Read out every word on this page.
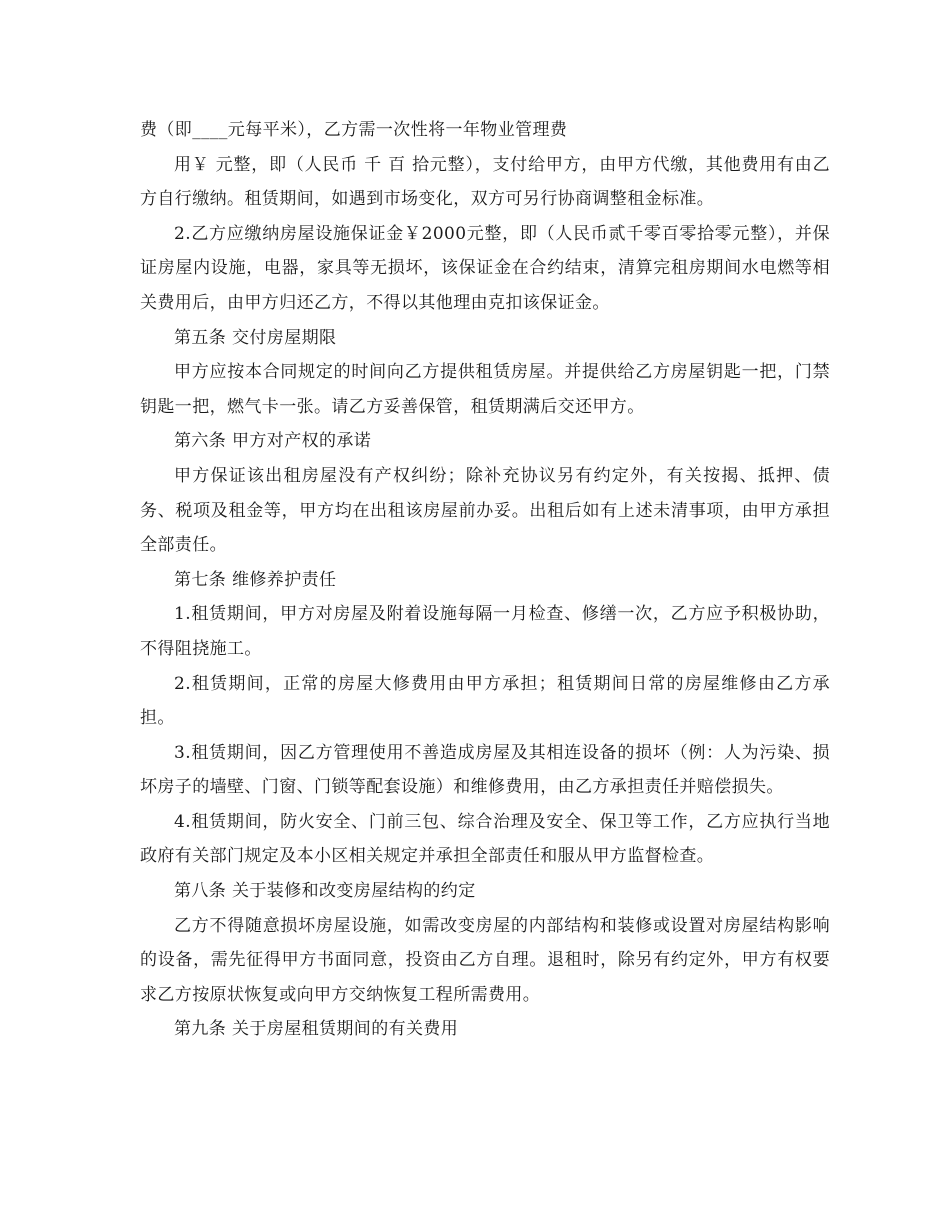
费（即____元每平米），乙方需一次性将一年物业管理费

用￥ 元整，即（人民币 千 百 拾元整），支付给甲方，由甲方代缴，其他费用有由乙方自行缴纳。租赁期间，如遇到市场变化，双方可另行协商调整租金标准。

2.乙方应缴纳房屋设施保证金￥2000元整，即（人民币贰千零百零拾零元整），并保证房屋内设施，电器，家具等无损坏，该保证金在合约结束，清算完租房期间水电燃等相关费用后，由甲方归还乙方，不得以其他理由克扣该保证金。

第五条 交付房屋期限

甲方应按本合同规定的时间向乙方提供租赁房屋。并提供给乙方房屋钥匙一把，门禁钥匙一把，燃气卡一张。请乙方妥善保管，租赁期满后交还甲方。

第六条 甲方对产权的承诺

甲方保证该出租房屋没有产权纠纷；除补充协议另有约定外，有关按揭、抵押、债务、税项及租金等，甲方均在出租该房屋前办妥。出租后如有上述未清事项，由甲方承担全部责任。

第七条 维修养护责任

1.租赁期间，甲方对房屋及附着设施每隔一月检查、修缮一次，乙方应予积极协助，不得阻挠施工。

2.租赁期间，正常的房屋大修费用由甲方承担；租赁期间日常的房屋维修由乙方承担。

3.租赁期间，因乙方管理使用不善造成房屋及其相连设备的损坏（例：人为污染、损坏房子的墙壁、门窗、门锁等配套设施）和维修费用，由乙方承担责任并赔偿损失。

4.租赁期间，防火安全、门前三包、综合治理及安全、保卫等工作，乙方应执行当地政府有关部门规定及本小区相关规定并承担全部责任和服从甲方监督检查。

第八条 关于装修和改变房屋结构的约定

乙方不得随意损坏房屋设施，如需改变房屋的内部结构和装修或设置对房屋结构影响的设备，需先征得甲方书面同意，投资由乙方自理。退租时，除另有约定外，甲方有权要求乙方按原状恢复或向甲方交纳恢复工程所需费用。

第九条 关于房屋租赁期间的有关费用
